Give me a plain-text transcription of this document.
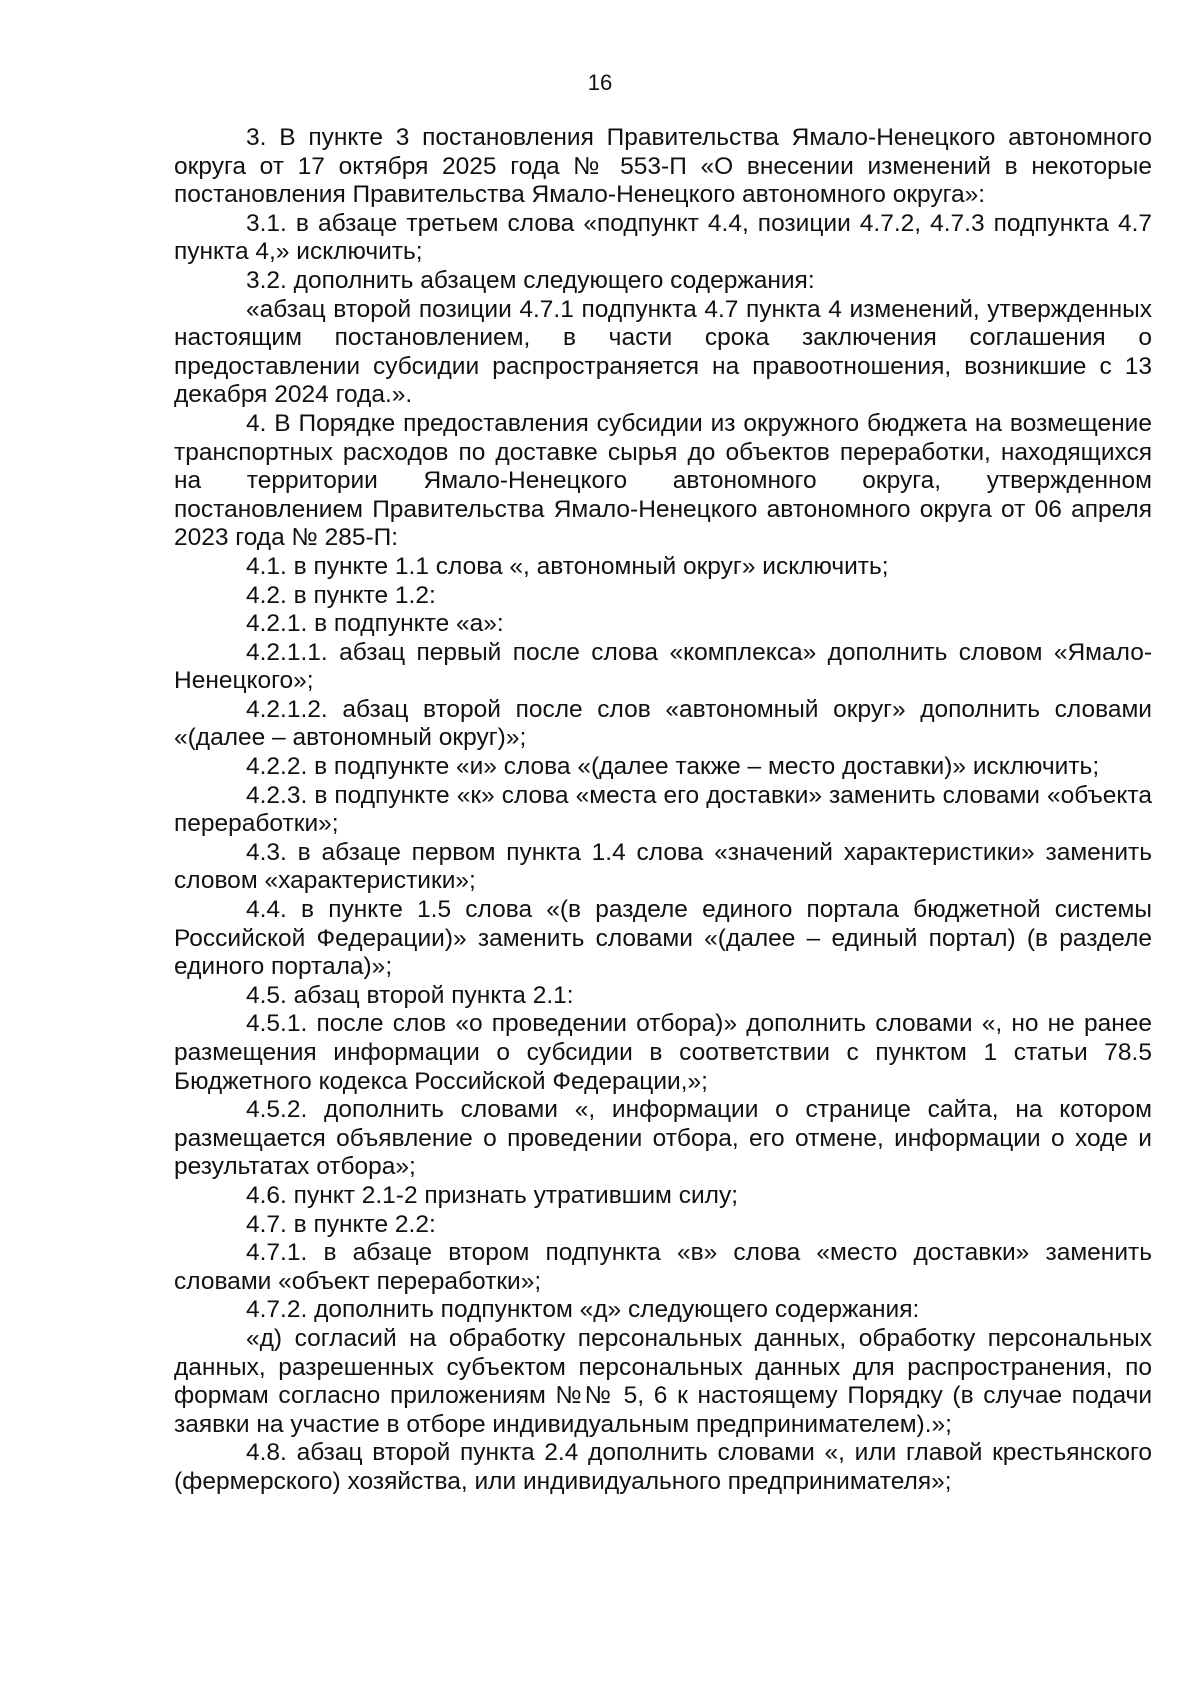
16

3. В пункте 3 постановления Правительства Ямало-Ненецкого автономного округа от 17 октября 2025 года № 553-П «О внесении изменений в некоторые постановления Правительства Ямало-Ненецкого автономного округа»:

3.1. в абзаце третьем слова «подпункт 4.4, позиции 4.7.2, 4.7.3 подпункта 4.7 пункта 4,» исключить;

3.2. дополнить абзацем следующего содержания:

«абзац второй позиции 4.7.1 подпункта 4.7 пункта 4 изменений, утвержденных настоящим постановлением, в части срока заключения соглашения о предоставлении субсидии распространяется на правоотношения, возникшие с 13 декабря 2024 года.».

4. В Порядке предоставления субсидии из окружного бюджета на возмещение транспортных расходов по доставке сырья до объектов переработки, находящихся на территории Ямало-Ненецкого автономного округа, утвержденном постановлением Правительства Ямало-Ненецкого автономного округа от 06 апреля 2023 года № 285-П:

4.1. в пункте 1.1 слова «, автономный округ» исключить;

4.2. в пункте 1.2:

4.2.1. в подпункте «а»:

4.2.1.1. абзац первый после слова «комплекса» дополнить словом «Ямало-Ненецкого»;

4.2.1.2. абзац второй после слов «автономный округ» дополнить словами «(далее – автономный округ)»;

4.2.2. в подпункте «и» слова «(далее также – место доставки)» исключить;

4.2.3. в подпункте «к» слова «места его доставки» заменить словами «объекта переработки»;

4.3. в абзаце первом пункта 1.4 слова «значений характеристики» заменить словом «характеристики»;

4.4. в пункте 1.5 слова «(в разделе единого портала бюджетной системы Российской Федерации)» заменить словами «(далее – единый портал) (в разделе единого портала)»;

4.5. абзац второй пункта 2.1:

4.5.1. после слов «о проведении отбора)» дополнить словами «, но не ранее размещения информации о субсидии в соответствии с пунктом 1 статьи 78.5 Бюджетного кодекса Российской Федерации,»;

4.5.2. дополнить словами «, информации о странице сайта, на котором размещается объявление о проведении отбора, его отмене, информации о ходе и результатах отбора»;

4.6. пункт 2.1-2 признать утратившим силу;

4.7. в пункте 2.2:

4.7.1. в абзаце втором подпункта «в» слова «место доставки» заменить словами «объект переработки»;

4.7.2. дополнить подпунктом «д» следующего содержания:

«д) согласий на обработку персональных данных, обработку персональных данных, разрешенных субъектом персональных данных для распространения, по формам согласно приложениям №№ 5, 6 к настоящему Порядку (в случае подачи заявки на участие в отборе индивидуальным предпринимателем).»;

4.8. абзац второй пункта 2.4 дополнить словами «, или главой крестьянского (фермерского) хозяйства, или индивидуального предпринимателя»;
